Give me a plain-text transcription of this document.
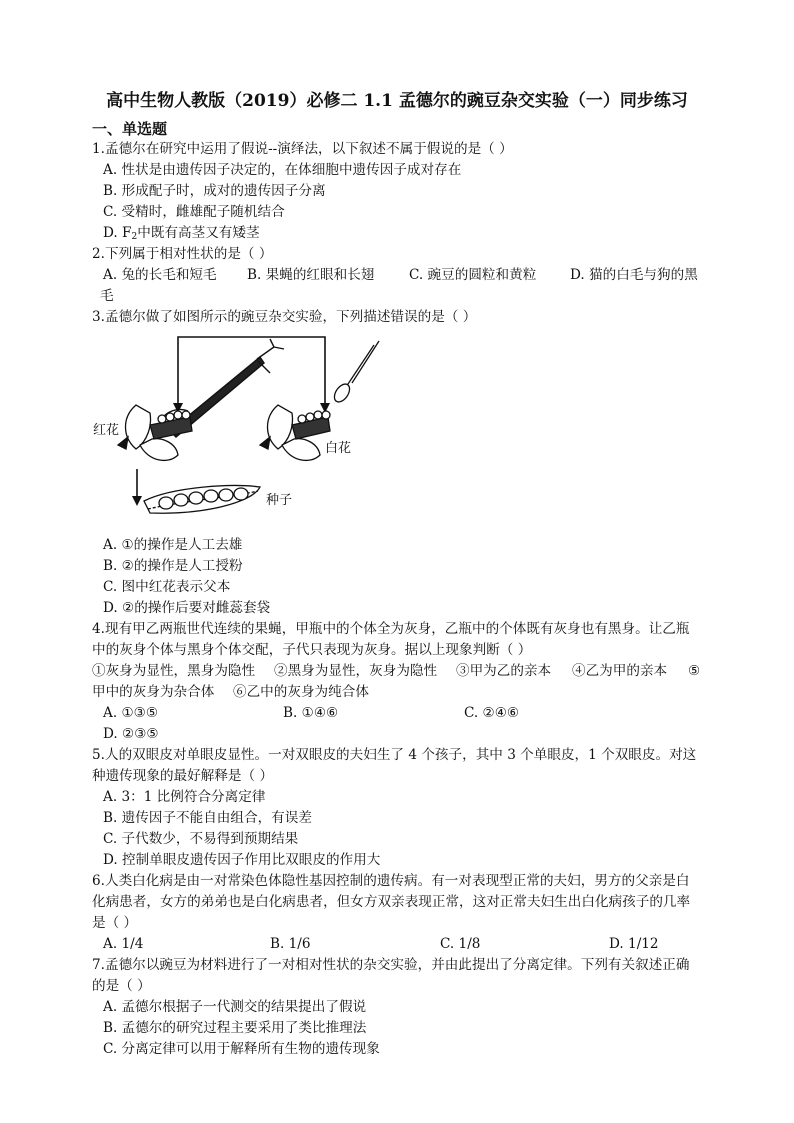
高中生物人教版（2019）必修二 1.1 孟德尔的豌豆杂交实验（一）同步练习
一、单选题
1.孟德尔在研究中运用了假说--演绎法，以下叙述不属于假说的是（ ）
A. 性状是由遗传因子决定的，在体细胞中遗传因子成对存在
B. 形成配子时，成对的遗传因子分离
C. 受精时，雌雄配子随机结合
D. $F_2$中既有高茎又有矮茎
2.下列属于相对性状的是（ ）
A. 兔的长毛和短毛 B. 果蝇的红眼和长翅	C. 豌豆的圆粒和黄粒 D. 猫的白毛与狗的黑
毛
3.孟德尔做了如图所示的豌豆杂交实验，下列描述错误的是（ ）
红花
白花
种子
A. ①的操作是人工去雄
B. ②的操作是人工授粉
C. 图中红花表示父本
D. ②的操作后要对雌蕊套袋
4.现有甲乙两瓶世代连续的果蝇，甲瓶中的个体全为灰身，乙瓶中的个体既有灰身也有黑身。让乙瓶
中的灰身个体与黑身个体交配，子代只表现为灰身。据以上现象判断（ ）
①灰身为显性，黑身为隐性 ②黑身为显性，灰身为隐性 ③甲为乙的亲本 ④乙为甲的亲本 ⑤
甲中的灰身为杂合体 ⑥乙中的灰身为纯合体
A. ①③⑤	B. ①④⑥	C. ②④⑥
D. ②③⑤
5.人的双眼皮对单眼皮显性。一对双眼皮的夫妇生了 4 个孩子，其中 3 个单眼皮，1 个双眼皮。对这
种遗传现象的最好解释是（ ）
A. 3：1 比例符合分离定律
B. 遗传因子不能自由组合，有误差
C. 子代数少，不易得到预期结果
D. 控制单眼皮遗传因子作用比双眼皮的作用大
6.人类白化病是由一对常染色体隐性基因控制的遗传病。有一对表现型正常的夫妇，男方的父亲是白
化病患者，女方的弟弟也是白化病患者，但女方双亲表现正常，这对正常夫妇生出白化病孩子的几率
是（ ）
A. 1/4	B. 1/6	C. 1/8	D. 1/12
7.孟德尔以豌豆为材料进行了一对相对性状的杂交实验，并由此提出了分离定律。下列有关叙述正确
的是（ ）
A. 孟德尔根据子一代测交的结果提出了假说
B. 孟德尔的研究过程主要采用了类比推理法
C. 分离定律可以用于解释所有生物的遗传现象
